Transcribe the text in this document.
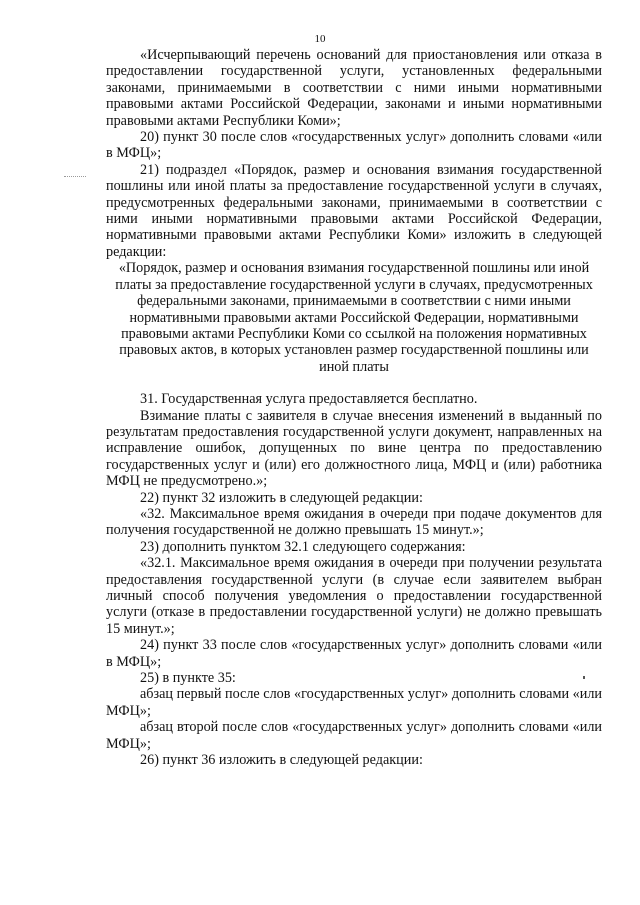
10

«Исчерпывающий перечень оснований для приостановления или отказа в предоставлении государственной услуги, установленных федеральными законами, принимаемыми в соответствии с ними иными нормативными правовыми актами Российской Федерации, законами и иными нормативными правовыми актами Республики Коми»;

20) пункт 30 после слов «государственных услуг» дополнить словами «или в МФЦ»;

21) подраздел «Порядок, размер и основания взимания государственной пошлины или иной платы за предоставление государственной услуги в случаях, предусмотренных федеральными законами, принимаемыми в соответствии с ними иными нормативными правовыми актами Российской Федерации, нормативными правовыми актами Республики Коми» изложить в следующей редакции:

«Порядок, размер и основания взимания государственной пошлины или иной платы за предоставление государственной услуги в случаях, предусмотренных федеральными законами, принимаемыми в соответствии с ними иными нормативными правовыми актами Российской Федерации, нормативными правовыми актами Республики Коми со ссылкой на положения нормативных правовых актов, в которых установлен размер государственной пошлины или иной платы

31. Государственная услуга предоставляется бесплатно.

Взимание платы с заявителя в случае внесения изменений в выданный по результатам предоставления государственной услуги документ, направленных на исправление ошибок, допущенных по вине центра по предоставлению государственных услуг и (или) его должностного лица, МФЦ и (или) работника МФЦ не предусмотрено.»;

22) пункт 32 изложить в следующей редакции:

«32. Максимальное время ожидания в очереди при подаче документов для получения государственной не должно превышать 15 минут.»;

23) дополнить пунктом 32.1 следующего содержания:

«32.1. Максимальное время ожидания в очереди при получении результата предоставления государственной услуги (в случае если заявителем выбран личный способ получения уведомления о предоставлении государственной услуги (отказе в предоставлении государственной услуги) не должно превышать 15 минут.»;

24) пункт 33 после слов «государственных услуг» дополнить словами «или в МФЦ»;

25) в пункте 35:

абзац первый после слов «государственных услуг» дополнить словами «или МФЦ»;

абзац второй после слов «государственных услуг» дополнить словами «или МФЦ»;

26) пункт 36 изложить в следующей редакции:
